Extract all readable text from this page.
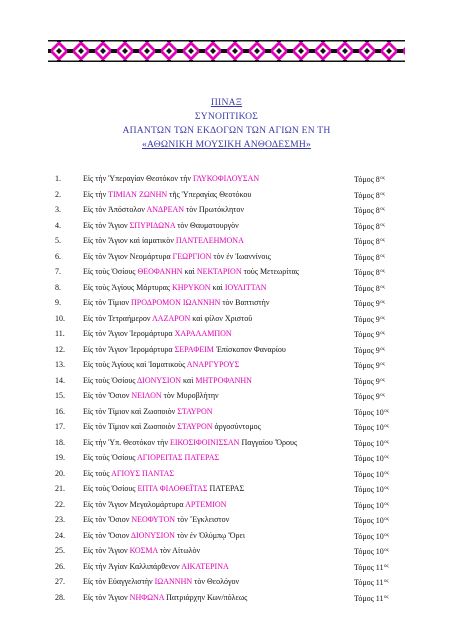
ΠΙΝΑΞ
ΣΥΝΟΠΤΙΚΟΣ
ΑΠΑΝΤΩΝ ΤΩΝ ΕΚΔΟΓΩΝ ΤΩΝ ΑΓΙΩΝ ΕΝ ΤΗ
«ΑΘΩΝΙΚΗ ΜΟΥΣΙΚΗ ΑΝΘΟΔΕΣΜΗ»
1.	Εἰς τὴν Ὑπεραγίαν Θεοτόκον τὴν ΓΛΥΚΟΦΙΛΟΥΣΑΝ	Τόμος $8^{o\varsigma}$
2.	Εἰς τὴν ΤΙΜΙΑΝ ΖΩΝΗΝ τῆς Ὑπεραγίας Θεοτόκου	Τόμος $8^{o\varsigma}$
3.	Εἰς τὸν Ἀπόστολον ΑΝΔΡΕΑΝ τὸν Πρωτόκλητον	Τόμος $8^{o\varsigma}$
4.	Εἰς τὸν Ἅγιον ΣΠΥΡΙΔΩΝΑ τὸν Θαυματουργὸν	Τόμος $8^{o\varsigma}$
5.	Εἰς τὸν Ἅγιον καὶ ἰαματικὸν ΠΑΝΤΕΛΕΗΜΟΝΑ	Τόμος $8^{o\varsigma}$
6.	Εἰς τὸν Ἅγιον Νεομάρτυρα ΓΕΩΡΓΙΟΝ τὸν ἐν Ἰωαννίνοις	Τόμος $8^{o\varsigma}$
7.	Εἰς τοὺς Ὁσίους ΘΕΟΦΑΝΗΝ καὶ ΝΕΚΤΑΡΙΟΝ τοὺς Μετεωρίτας	Τόμος $8^{o\varsigma}$
8.	Εἰς τοὺς Ἁγίους Μάρτυρας ΚΗΡΥΚΟΝ καὶ ΙΟΥΛΙΤΤΑΝ	Τόμος $8^{o\varsigma}$
9.	Εἰς τὸν Τίμιον ΠΡΟΔΡΟΜΟΝ ΙΩΑΝΝΗΝ τὸν Βαπτιστὴν	Τόμος $9^{o\varsigma}$
10. Εἰς τὸν Τετραήμερον ΛΑΖΑΡΟΝ καὶ φίλον Χριστοῦ	Τόμος $9^{o\varsigma}$
11. Εἰς τὸν Ἅγιον Ἱερομάρτυρα ΧΑΡΑΛΑΜΠΟΝ	Τόμος $9^{o\varsigma}$
12. Εἰς τὸν Ἅγιον Ἱερομάρτυρα ΣΕΡΑΦΕΙΜ Ἐπίσκοπον Φαναρίου	Τόμος $9^{o\varsigma}$
13. Εἰς τοὺς Ἁγίους καὶ Ἰαματικοὺς ΑΝΑΡΓΥΡΟΥΣ	Τόμος $9^{o\varsigma}$
14. Εἰς τοὺς Ὁσίους ΔΙΟΝΥΣΙΟΝ καὶ ΜΗΤΡΟΦΑΝΗΝ	Τόμος $9^{o\varsigma}$
15. Εἰς τὸν Ὅσιον ΝΕΙΛΟΝ τὸν Μυροβλήτην	Τόμος $9^{o\varsigma}$
16. Εἰς τὸν Τίμιον καὶ Ζωοποιὸν ΣΤΑΥΡΟΝ	Τόμος $10^{o\varsigma}$
17. Εἰς τὸν Τίμιον καὶ Ζωοποιὸν ΣΤΑΥΡΟΝ ἀργοσύντομος	Τόμος $10^{o\varsigma}$
18. Εἰς τὴν Ὑπ. Θεοτόκον τὴν ΕΙΚΟΣΙΦΟΙΝΙΣΣΑΝ Παγγαίου Ὄρους	Τόμος $10^{o\varsigma}$
19. Εἰς τοὺς Ὁσίους ΑΓΙΟΡΕΙΤΑΣ ΠΑΤΕΡΑΣ	Τόμος $10^{o\varsigma}$
20. Εἰς τοὺς ΑΓΙΟΥΣ ΠΑΝΤΑΣ	Τόμος $10^{o\varsigma}$
21. Εἰς τοὺς Ὁσίους ΕΠΤΑ ΦΙΛΟΘΕΪΤΑΣ ΠΑΤΕΡΑΣ	Τόμος $10^{o\varsigma}$
22. Εἰς τὸν Ἅγιον Μεγαλομάρτυρα ΑΡΤΕΜΙΟΝ	Τόμος $10^{o\varsigma}$
23. Εἰς τὸν Ὅσιον ΝΕΟΦΥΤΟΝ τὸν Ἔγκλειστον	Τόμος $10^{o\varsigma}$
24. Εἰς τὸν Ὅσιον ΔΙΟΝΥΣΙΟΝ τὸν ἐν Ὀλύμπῳ Ὄρει	Τόμος $10^{o\varsigma}$
25. Εἰς τὸν Ἅγιον ΚΟΣΜΑ τὸν Αἰτωλὸν	Τόμος $10^{o\varsigma}$
26. Εἰς τὴν Ἁγίαν Καλλιπάρθενον ΑΙΚΑΤΕΡΙΝΑ	Τόμος $11^{o\varsigma}$
27. Εἰς τὸν Εὐαγγελιστὴν ΙΩΑΝΝΗΝ τὸν Θεολόγον	Τόμος $11^{o\varsigma}$
28. Εἰς τὸν Ἅγιον ΝΗΦΩΝΑ Πατριάρχην Κων/πόλεως	Τόμος $11^{o\varsigma}$
